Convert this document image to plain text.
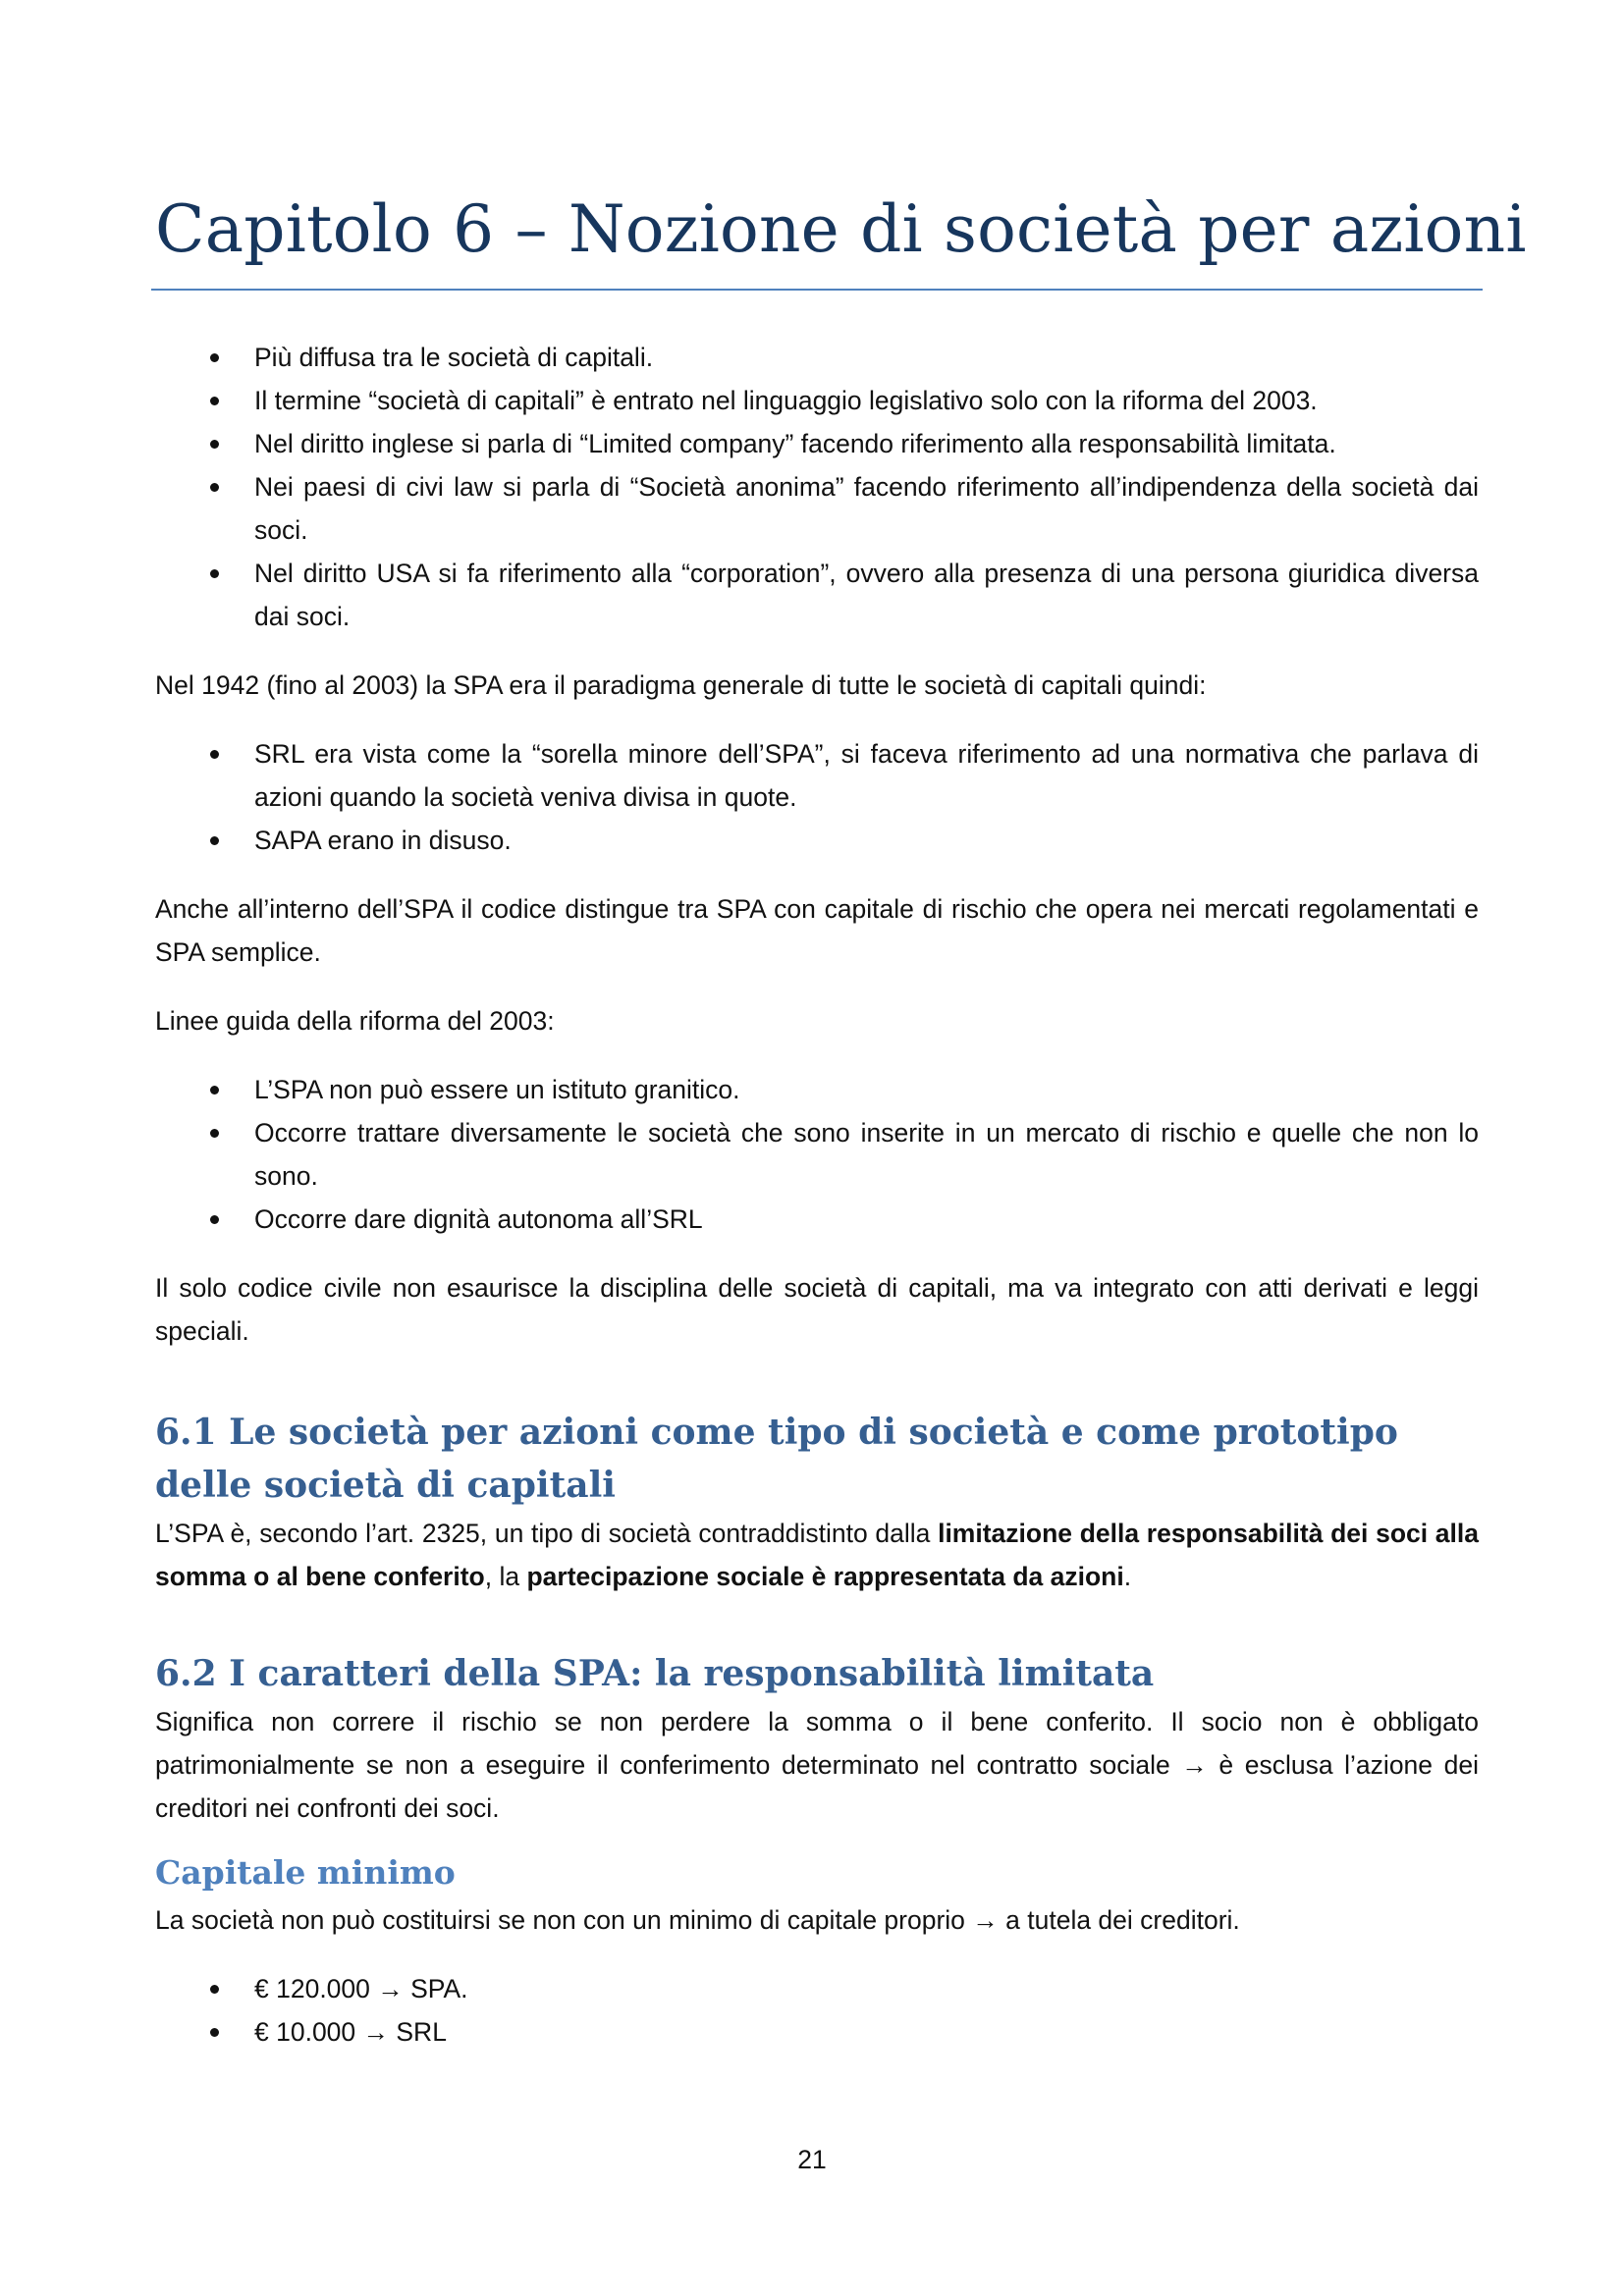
Capitolo 6 – Nozione di società per azioni
Più diffusa tra le società di capitali.
Il termine “società di capitali” è entrato nel linguaggio legislativo solo con la riforma del 2003.
Nel diritto inglese si parla di “Limited company” facendo riferimento alla responsabilità limitata.
Nei paesi di civi law si parla di “Società anonima” facendo riferimento all’indipendenza della società dai soci.
Nel diritto USA si fa riferimento alla “corporation”, ovvero alla presenza di una persona giuridica diversa dai soci.

Nel 1942 (fino al 2003) la SPA era il paradigma generale di tutte le società di capitali quindi:

SRL era vista come la “sorella minore dell’SPA”, si faceva riferimento ad una normativa che parlava di azioni quando la società veniva divisa in quote.
SAPA erano in disuso.

Anche all’interno dell’SPA il codice distingue tra SPA con capitale di rischio che opera nei mercati regolamentati e SPA semplice.

Linee guida della riforma del 2003:

L’SPA non può essere un istituto granitico.
Occorre trattare diversamente le società che sono inserite in un mercato di rischio e quelle che non lo sono.
Occorre dare dignità autonoma all’SRL

Il solo codice civile non esaurisce la disciplina delle società di capitali, ma va integrato con atti derivati e leggi speciali.

6.1 Le società per azioni come tipo di società e come prototipo delle società di capitali

L’SPA è, secondo l’art. 2325, un tipo di società contraddistinto dalla limitazione della responsabilità dei soci alla somma o al bene conferito, la partecipazione sociale è rappresentata da azioni.

6.2 I caratteri della SPA: la responsabilità limitata

Significa non correre il rischio se non perdere la somma o il bene conferito. Il socio non è obbligato patrimonialmente se non a eseguire il conferimento determinato nel contratto sociale → è esclusa l’azione dei creditori nei confronti dei soci.

Capitale minimo

La società non può costituirsi se non con un minimo di capitale proprio → a tutela dei creditori.

€ 120.000 → SPA.
€ 10.000 → SRL
21
